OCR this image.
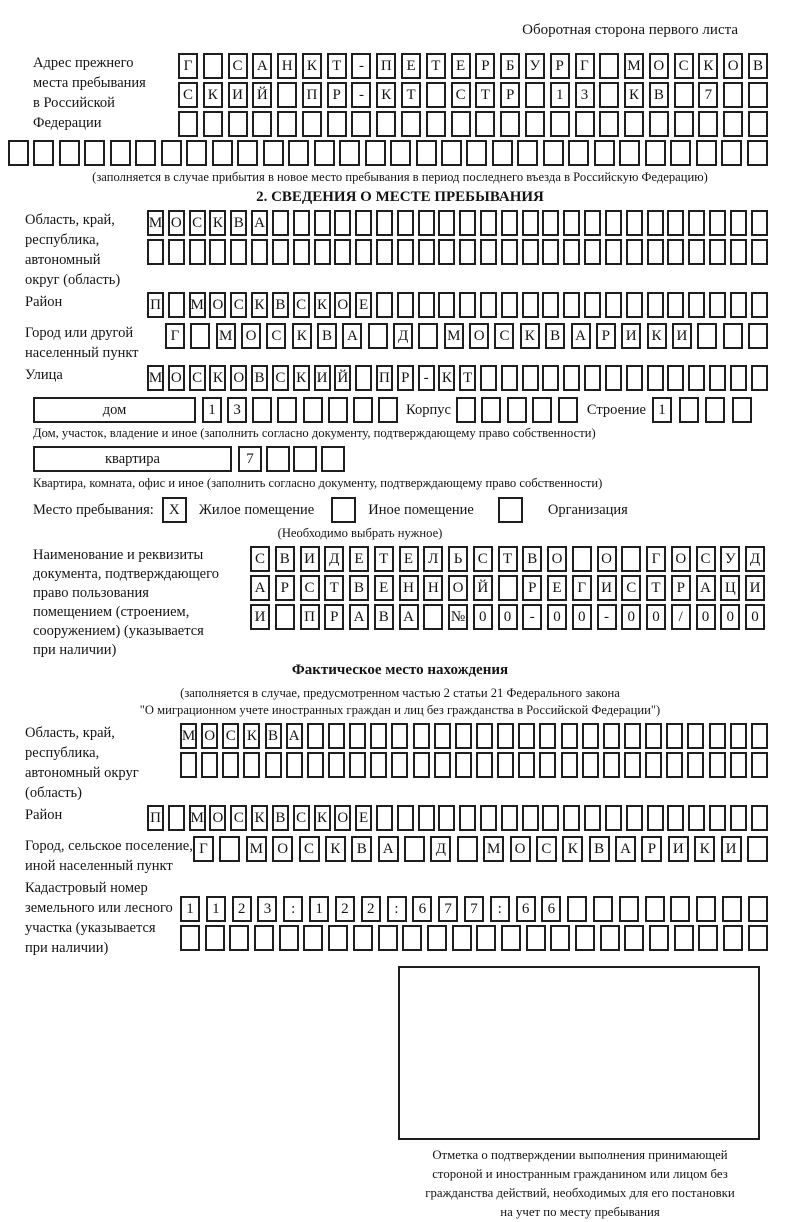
Оборотная сторона первого листа
Адрес прежнего
места пребывания
в Российской
Федерации
Г	С А Н К	Т	-	П Е	Т	Е	Р	Б	У	Р	Г	М О С К О В
С К И Й	П	Р	-	К	Т	С	Т	Р	1	3	К В	7
(заполняется в случае прибытия в новое место пребывания в период последнего въезда в Российскую Федерацию)
2. СВЕДЕНИЯ О МЕСТЕ ПРЕБЫВАНИЯ
Область, край,
республика,
автономный
округ (область)
М О С К В А
Район	П М О С К В С К О Е
Город или другой
населенный пункт
Г	М О С	К	В А	Д	М О С	К	В А	Р	И К И
Улица	М О С К О В С К И Й П Р - К Т
дом	1	3	Корпус	Строение 1
Дом, участок, владение и иное (заполнить согласно документу, подтверждающему право собственности)
квартира	7
Квартира, комната, офис и иное (заполнить согласно документу, подтверждающему право собственности)
Место пребывания:	X	Жилое помещение	Иное помещение	Организация
(Необходимо выбрать нужное)
Наименование и реквизиты
документа, подтверждающего
право пользования
помещением (строением,
сооружением) (указывается
при наличии)
С В И Д	Е	Т	Е	Л	Ь	С	Т	В О	О	Г	О С У Д
А	Р	С	Т	В	Е Н Н О Й	Р	Е	Г	И С	Т	Р	А Ц И
И	П	Р	А В А	№ 0	0	-	0	0	-	0	0	/	0	0	0
Фактическое место нахождения
(заполняется в случае, предусмотренном частью 2 статьи 21 Федерального закона
"О миграционном учете иностранных граждан и лиц без гражданства в Российской Федерации")
Область, край,
республика,
автономный округ
(область)
М О С К В А
Район	П М О С К В С К О Е
Город, сельское поселение,
иной населенный пункт
Г	М О	С	К	В	А	Д	М О	С	К	В	А	Р	И	К	И
Кадастровый номер
земельного или лесного
участка (указывается
при наличии)
1	1	2	3	:	1	2	2	:	6	7	7	:	6	6
Отметка о подтверждении выполнения принимающей
стороной и иностранным гражданином или лицом без
гражданства действий, необходимых для его постановки
на учет по месту пребывания
